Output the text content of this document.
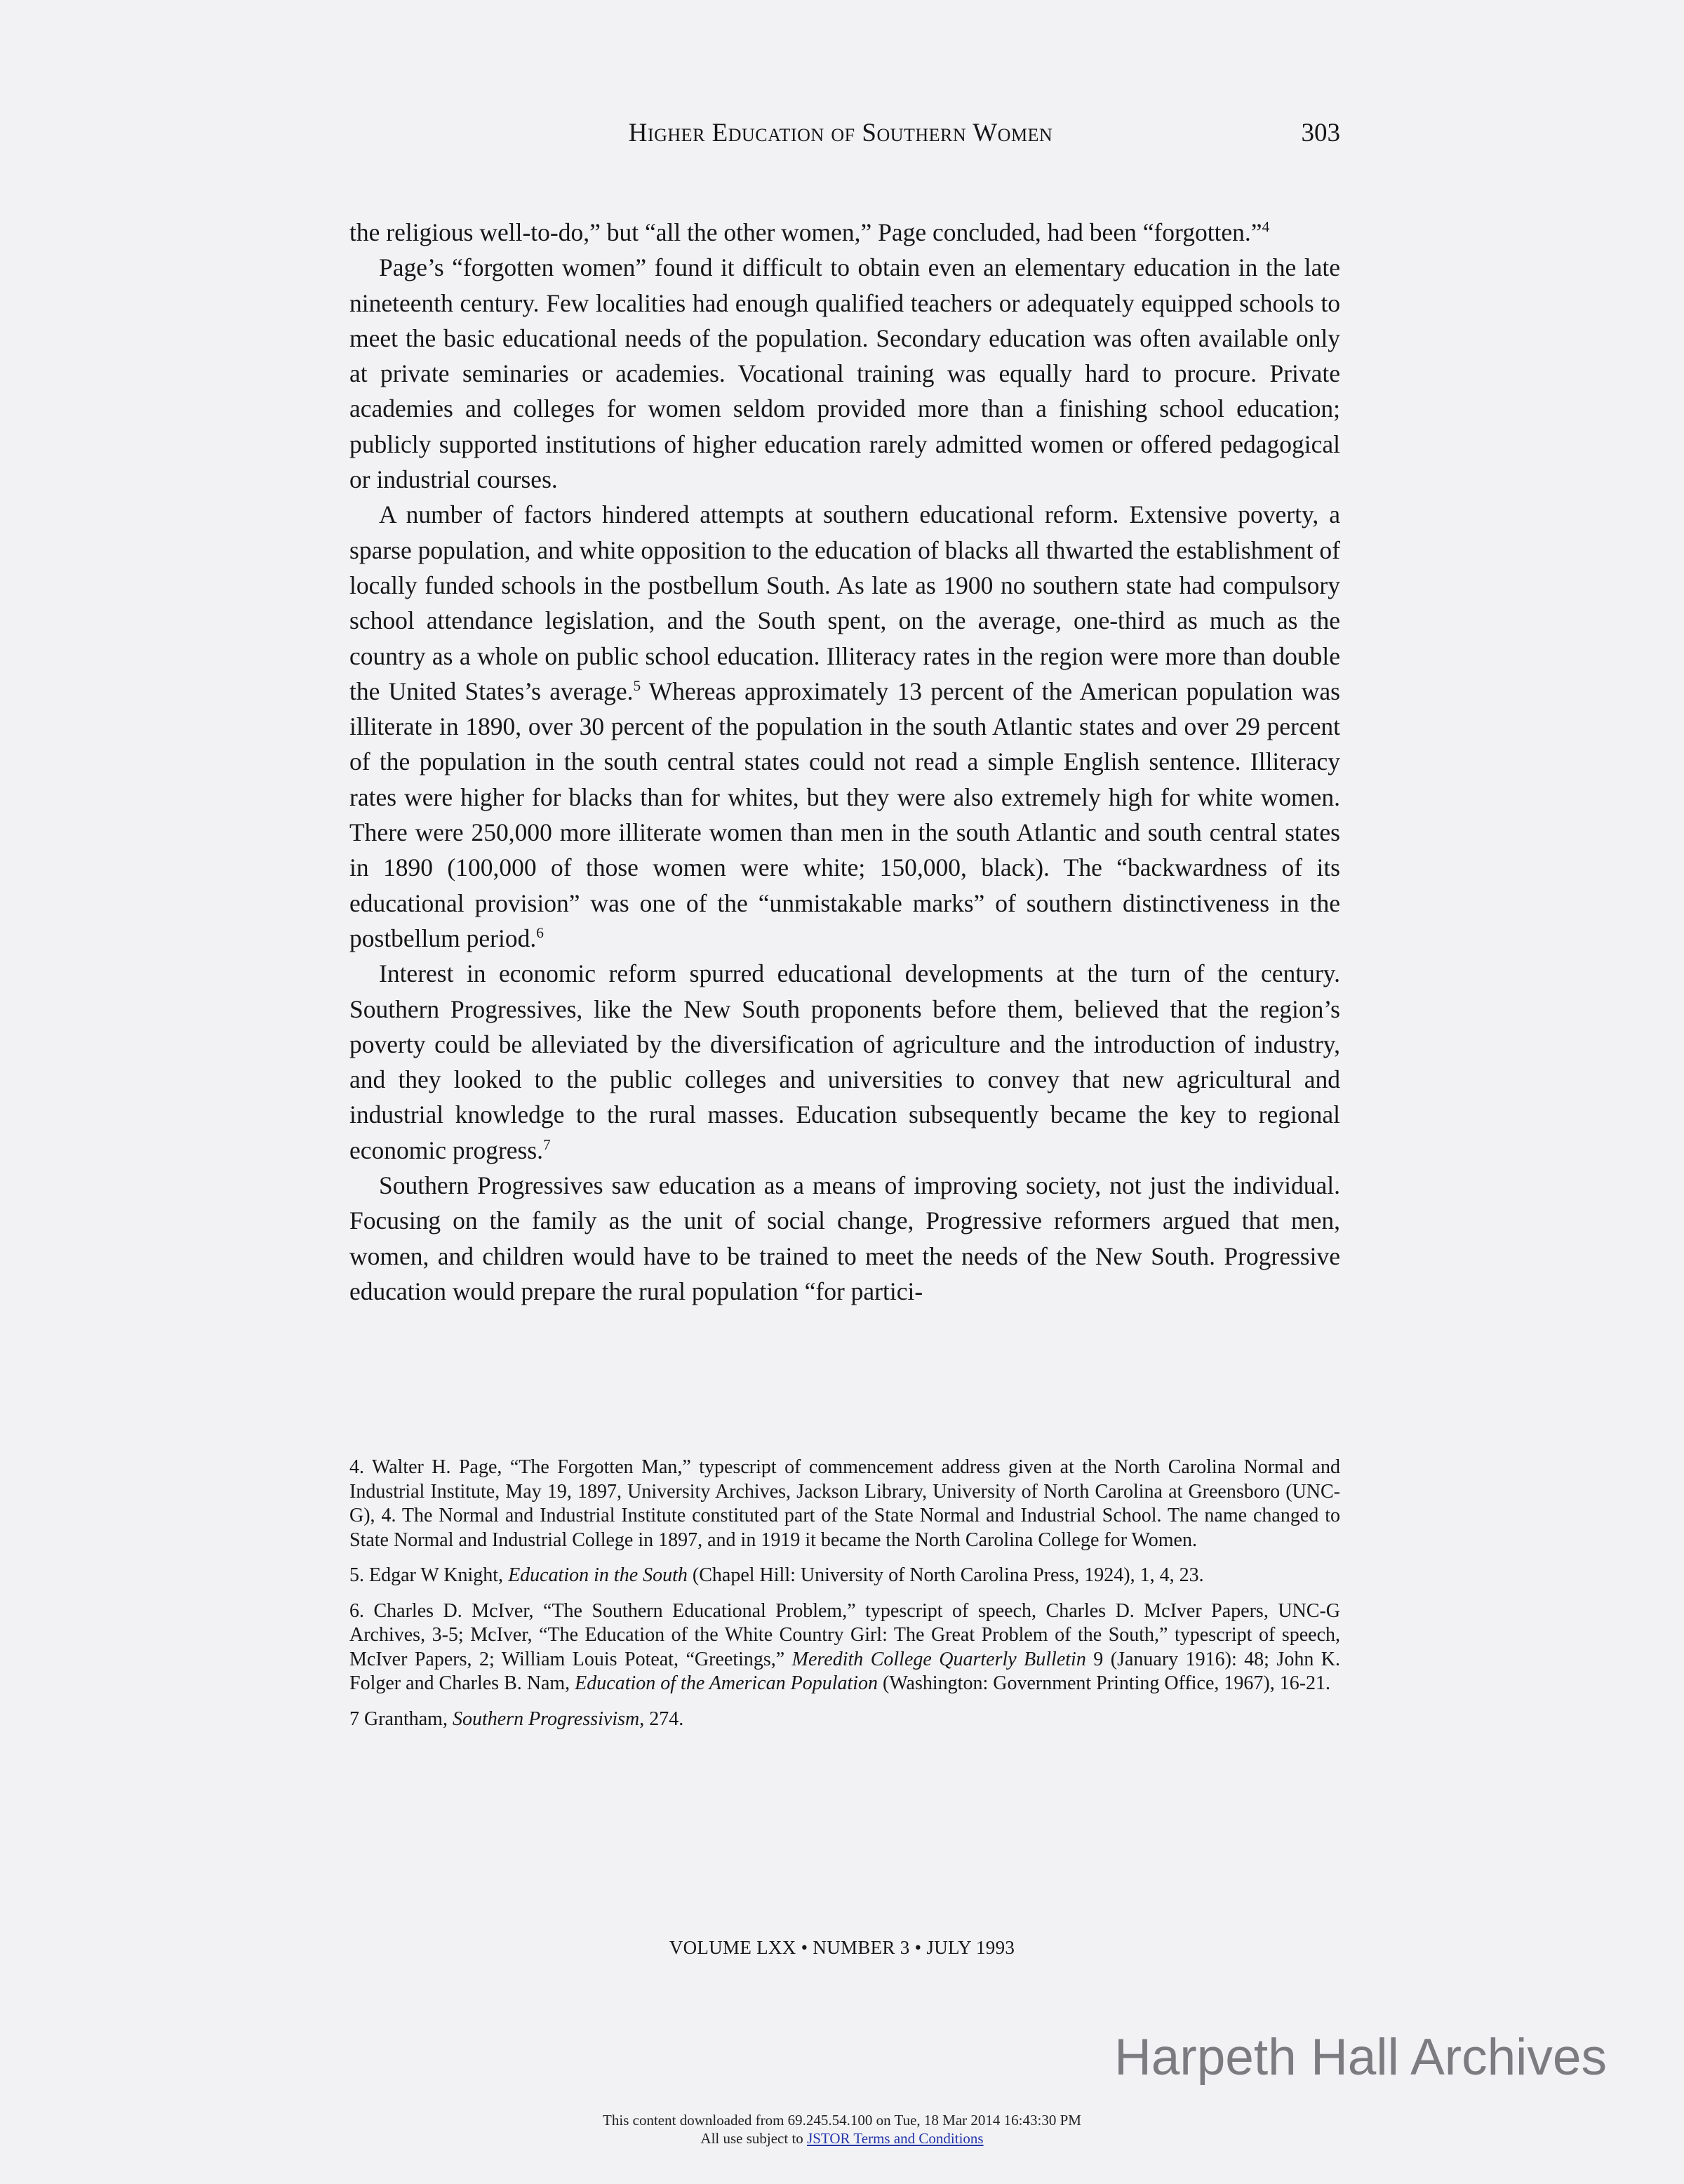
Higher Education of Southern Women	303

the religious well-to-do,” but “all the other women,” Page concluded, had been “forgotten.”$^4$

Page’s “forgotten women” found it difficult to obtain even an elementary education in the late nineteenth century. Few localities had enough qualified teachers or adequately equipped schools to meet the basic educational needs of the population. Secondary education was often available only at private seminaries or academies. Vocational training was equally hard to procure. Private academies and colleges for women seldom provided more than a finishing school education; publicly supported institutions of higher education rarely admitted women or offered pedagogical or industrial courses.

A number of factors hindered attempts at southern educational reform. Extensive poverty, a sparse population, and white opposition to the education of blacks all thwarted the establishment of locally funded schools in the postbellum South. As late as 1900 no southern state had compulsory school attendance legislation, and the South spent, on the average, one-third as much as the country as a whole on public school education. Illiteracy rates in the region were more than double the United States’s average.$^5$ Whereas approximately 13 percent of the American population was illiterate in 1890, over 30 percent of the population in the south Atlantic states and over 29 percent of the population in the south central states could not read a simple English sentence. Illiteracy rates were higher for blacks than for whites, but they were also extremely high for white women. There were 250,000 more illiterate women than men in the south Atlantic and south central states in 1890 (100,000 of those women were white; 150,000, black). The “backwardness of its educational provision” was one of the “unmistakable marks” of southern distinctiveness in the postbellum period.$^6$

Interest in economic reform spurred educational developments at the turn of the century. Southern Progressives, like the New South proponents before them, believed that the region’s poverty could be alleviated by the diversification of agriculture and the introduction of industry, and they looked to the public colleges and universities to convey that new agricultural and industrial knowledge to the rural masses. Education subsequently became the key to regional economic progress.$^7$

Southern Progressives saw education as a means of improving society, not just the individual. Focusing on the family as the unit of social change, Progressive reformers argued that men, women, and children would have to be trained to meet the needs of the New South. Progressive education would prepare the rural population “for partici-

4. Walter H. Page, “The Forgotten Man,” typescript of commencement address given at the North Carolina Normal and Industrial Institute, May 19, 1897, University Archives, Jackson Library, University of North Carolina at Greensboro (UNC-G), 4. The Normal and Industrial Institute constituted part of the State Normal and Industrial School. The name changed to State Normal and Industrial College in 1897, and in 1919 it became the North Carolina College for Women.

5. Edgar W Knight, Education in the South (Chapel Hill: University of North Carolina Press, 1924), 1, 4, 23.

6. Charles D. McIver, “The Southern Educational Problem,” typescript of speech, Charles D. McIver Papers, UNC-G Archives, 3-5; McIver, “The Education of the White Country Girl: The Great Problem of the South,” typescript of speech, McIver Papers, 2; William Louis Poteat, “Greetings,” Meredith College Quarterly Bulletin 9 (January 1916): 48; John K. Folger and Charles B. Nam, Education of the American Population (Washington: Government Printing Office, 1967), 16-21.

7 Grantham, Southern Progressivism, 274.

VOLUME LXX • NUMBER 3 • JULY 1993
Harpeth Hall Archives
This content downloaded from 69.245.54.100 on Tue, 18 Mar 2014 16:43:30 PM
All use subject to JSTOR Terms and Conditions
